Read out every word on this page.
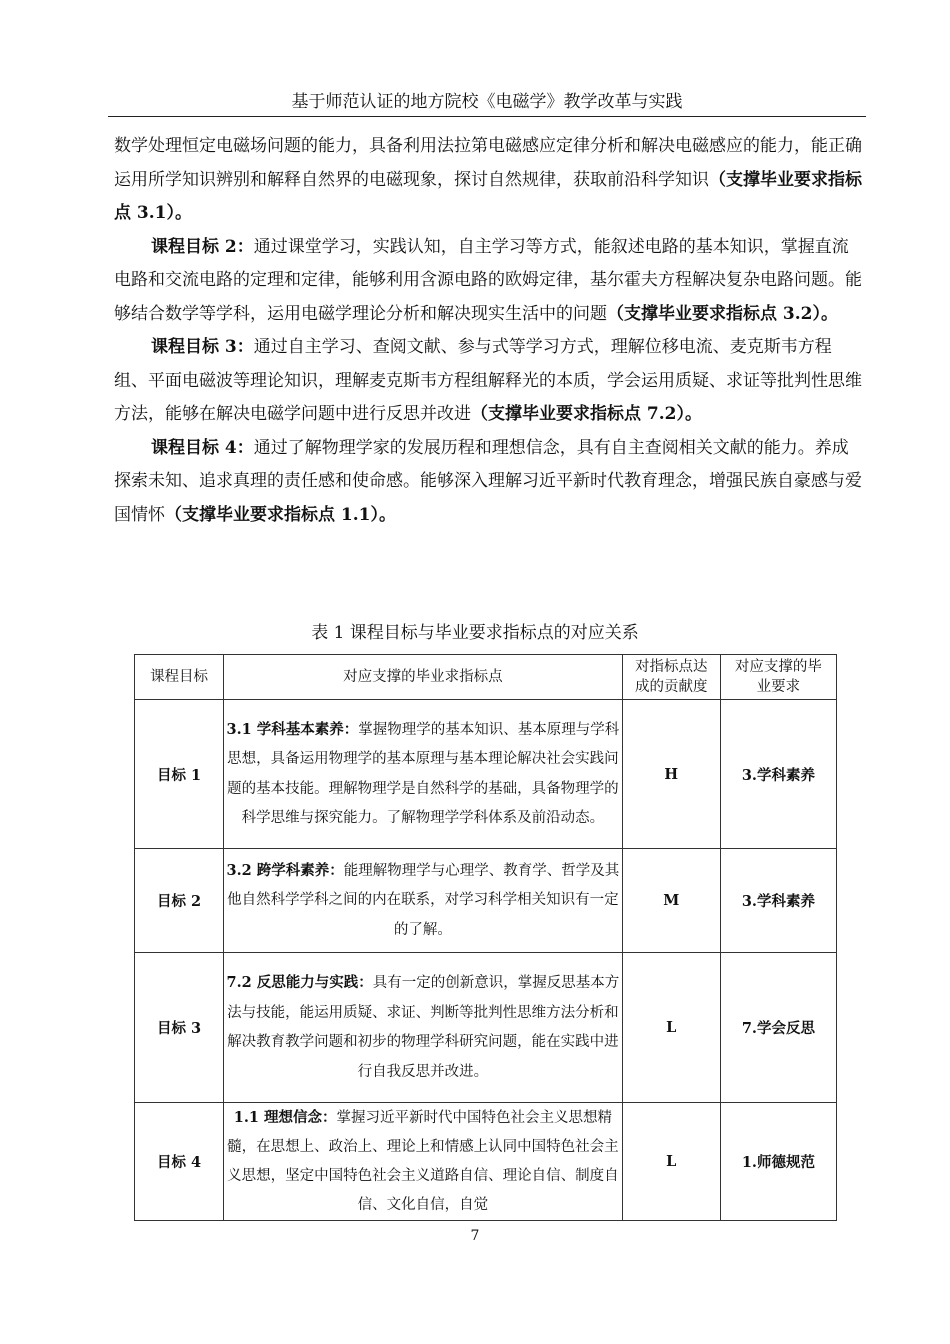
基于师范认证的地方院校《电磁学》教学改革与实践

数学处理恒定电磁场问题的能力，具备利用法拉第电磁感应定律分析和解决电磁感应的能力，能正确运用所学知识辨别和解释自然界的电磁现象，探讨自然规律，获取前沿科学知识（支撑毕业要求指标点 3.1）。

课程目标 2：通过课堂学习，实践认知，自主学习等方式，能叙述电路的基本知识，掌握直流电路和交流电路的定理和定律，能够利用含源电路的欧姆定律，基尔霍夫方程解决复杂电路问题。能够结合数学等学科，运用电磁学理论分析和解决现实生活中的问题（支撑毕业要求指标点 3.2）。

课程目标 3：通过自主学习、查阅文献、参与式等学习方式，理解位移电流、麦克斯韦方程组、平面电磁波等理论知识，理解麦克斯韦方程组解释光的本质，学会运用质疑、求证等批判性思维方法，能够在解决电磁学问题中进行反思并改进（支撑毕业要求指标点 7.2）。

课程目标 4：通过了解物理学家的发展历程和理想信念，具有自主查阅相关文献的能力。养成探索未知、追求真理的责任感和使命感。能够深入理解习近平新时代教育理念，增强民族自豪感与爱国情怀（支撑毕业要求指标点 1.1）。

表 1 课程目标与毕业要求指标点的对应关系
课程目标	对应支撑的毕业求指标点	对指标点达成的贡献度	对应支撑的毕业要求
目标 1	3.1 学科基本素养：掌握物理学的基本知识、基本原理与学科思想，具备运用物理学的基本原理与基本理论解决社会实践问题的基本技能。理解物理学是自然科学的基础，具备物理学的科学思维与探究能力。了解物理学学科体系及前沿动态。	H	3.学科素养
目标 2	3.2 跨学科素养：能理解物理学与心理学、教育学、哲学及其他自然科学学科之间的内在联系，对学习科学相关知识有一定的了解。	M	3.学科素养
目标 3	7.2 反思能力与实践：具有一定的创新意识，掌握反思基本方法与技能，能运用质疑、求证、判断等批判性思维方法分析和解决教育教学问题和初步的物理学科研究问题，能在实践中进行自我反思并改进。	L	7.学会反思
目标 4	1.1 理想信念：掌握习近平新时代中国特色社会主义思想精髓，在思想上、政治上、理论上和情感上认同中国特色社会主义思想，坚定中国特色社会主义道路自信、理论自信、制度自信、文化自信，自觉	L	1.师德规范
7
